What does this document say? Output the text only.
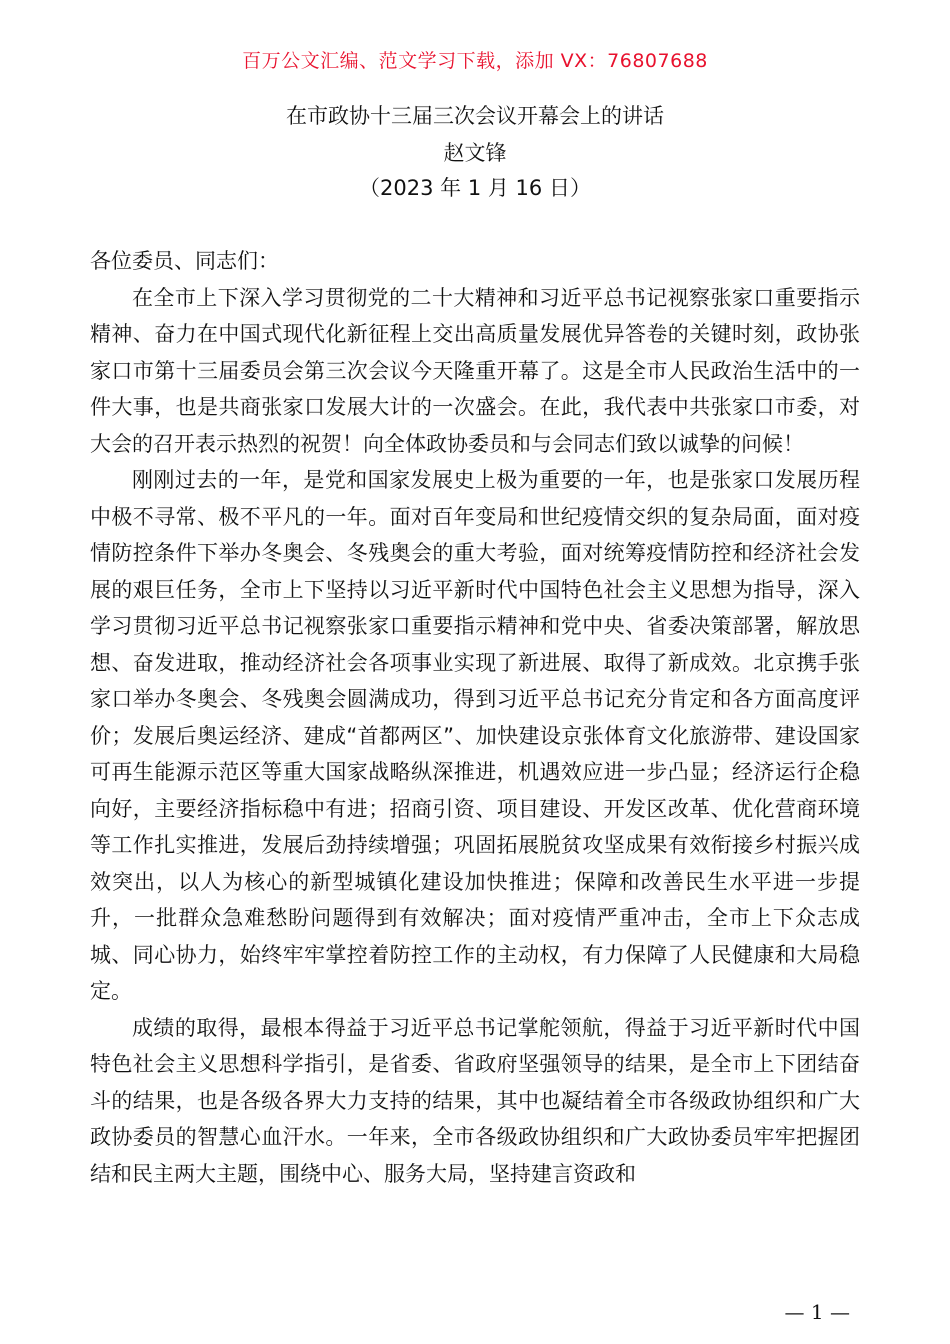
百万公文汇编、范文学习下载，添加 VX：76807688
在市政协十三届三次会议开幕会上的讲话
赵文锋
（2023 年 1 月 16 日）

各位委员、同志们：

在全市上下深入学习贯彻党的二十大精神和习近平总书记视察张家口重要指示精神、奋力在中国式现代化新征程上交出高质量发展优异答卷的关键时刻，政协张家口市第十三届委员会第三次会议今天隆重开幕了。这是全市人民政治生活中的一件大事，也是共商张家口发展大计的一次盛会。在此，我代表中共张家口市委，对大会的召开表示热烈的祝贺！向全体政协委员和与会同志们致以诚挚的问候！

刚刚过去的一年，是党和国家发展史上极为重要的一年，也是张家口发展历程中极不寻常、极不平凡的一年。面对百年变局和世纪疫情交织的复杂局面，面对疫情防控条件下举办冬奥会、冬残奥会的重大考验，面对统筹疫情防控和经济社会发展的艰巨任务，全市上下坚持以习近平新时代中国特色社会主义思想为指导，深入学习贯彻习近平总书记视察张家口重要指示精神和党中央、省委决策部署，解放思想、奋发进取，推动经济社会各项事业实现了新进展、取得了新成效。北京携手张家口举办冬奥会、冬残奥会圆满成功，得到习近平总书记充分肯定和各方面高度评价；发展后奥运经济、建成“首都两区”、加快建设京张体育文化旅游带、建设国家可再生能源示范区等重大国家战略纵深推进，机遇效应进一步凸显；经济运行企稳向好，主要经济指标稳中有进；招商引资、项目建设、开发区改革、优化营商环境等工作扎实推进，发展后劲持续增强；巩固拓展脱贫攻坚成果有效衔接乡村振兴成效突出，以人为核心的新型城镇化建设加快推进；保障和改善民生水平进一步提升，一批群众急难愁盼问题得到有效解决；面对疫情严重冲击，全市上下众志成城、同心协力，始终牢牢掌控着防控工作的主动权，有力保障了人民健康和大局稳定。

成绩的取得，最根本得益于习近平总书记掌舵领航，得益于习近平新时代中国特色社会主义思想科学指引，是省委、省政府坚强领导的结果，是全市上下团结奋斗的结果，也是各级各界大力支持的结果，其中也凝结着全市各级政协组织和广大政协委员的智慧心血汗水。一年来，全市各级政协组织和广大政协委员牢牢把握团结和民主两大主题，围绕中心、服务大局，坚持建言资政和

— 1 —
